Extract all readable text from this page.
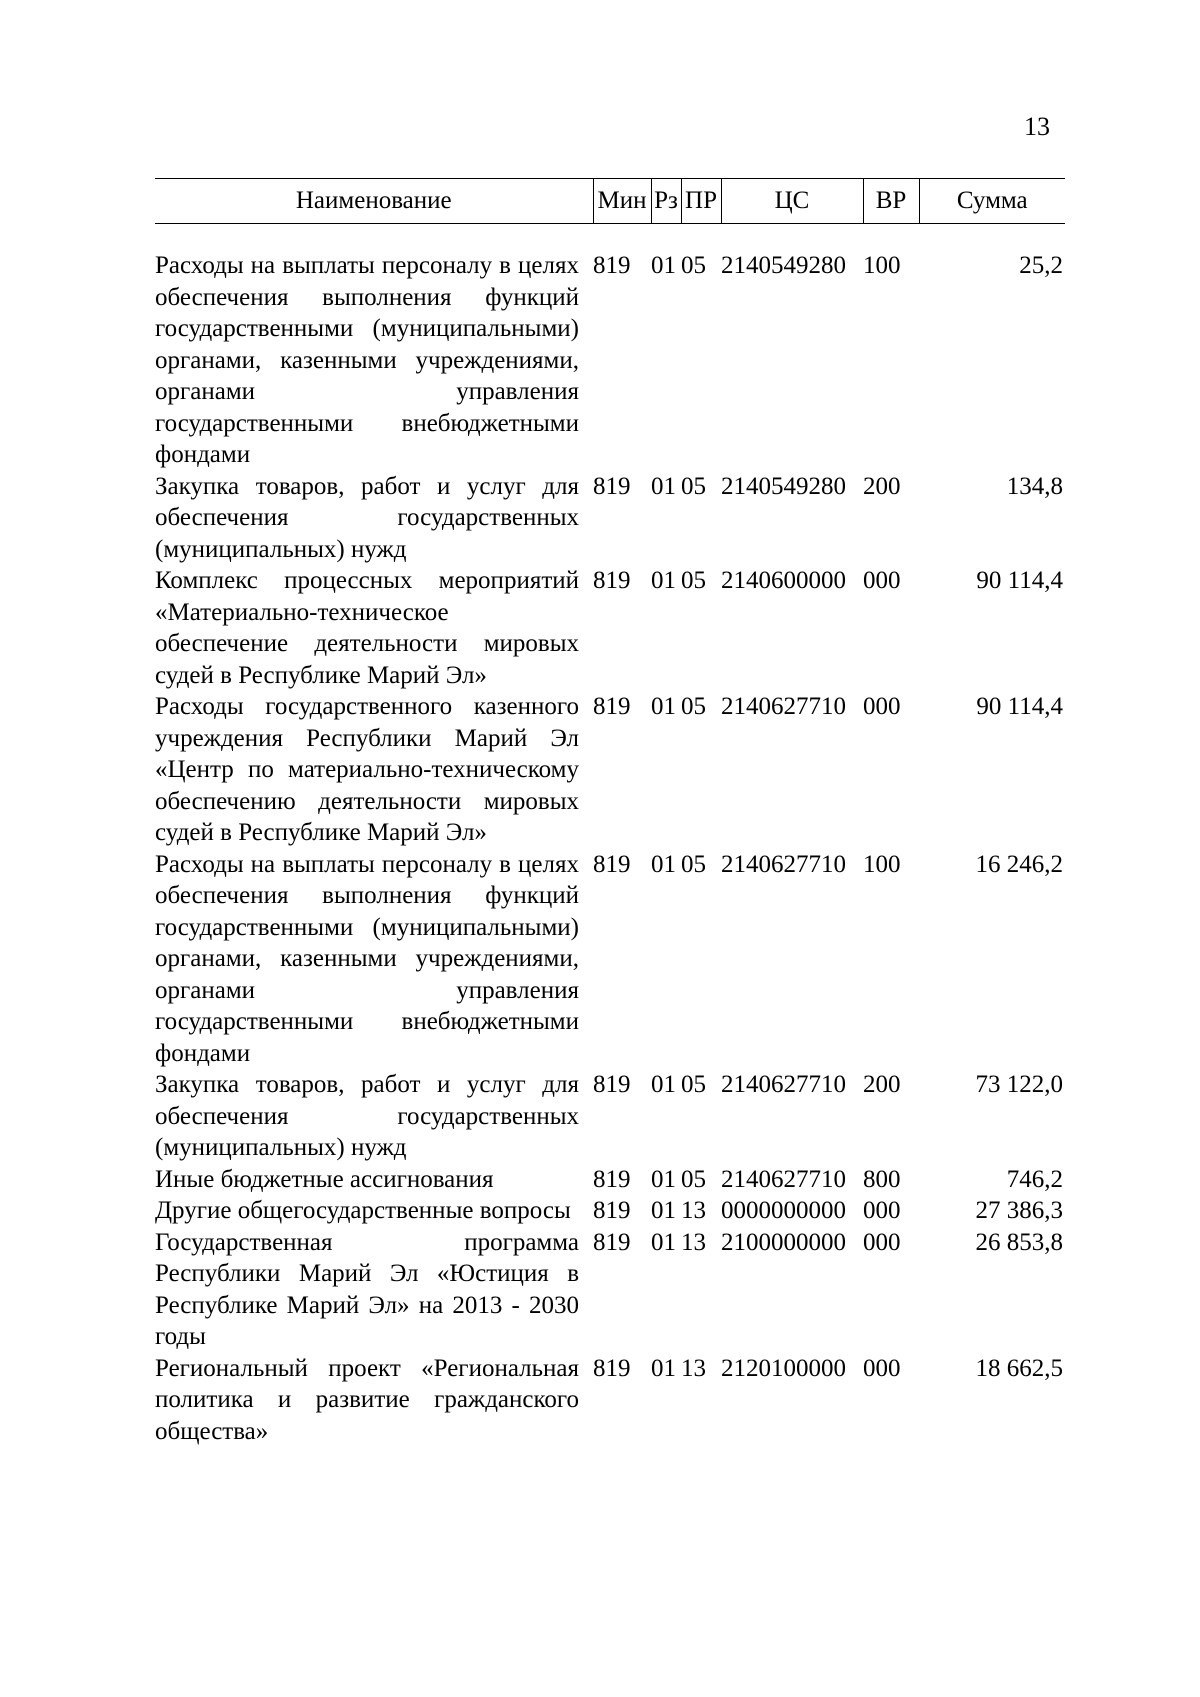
13
Наименование	Мин	Рз	ПР	ЦС	ВР	Сумма

Расходы на выплаты персоналу в целях обеспечения выполнения функций государственными (муниципальными) органами, казенными учреждениями, органами управления государственными внебюджетными фондами	819	01	05	2140549280	100	25,2
Закупка товаров, работ и услуг для обеспечения государственных (муниципальных) нужд	819	01	05	2140549280	200	134,8
Комплекс процессных мероприятий «Материально-техническое обеспечение деятельности мировых судей в Республике Марий Эл»	819	01	05	2140600000	000	90 114,4
Расходы государственного казенного учреждения Республики Марий Эл «Центр по материально-техническому обеспечению деятельности мировых судей в Республике Марий Эл»	819	01	05	2140627710	000	90 114,4
Расходы на выплаты персоналу в целях обеспечения выполнения функций государственными (муниципальными) органами, казенными учреждениями, органами управления государственными внебюджетными фондами	819	01	05	2140627710	100	16 246,2
Закупка товаров, работ и услуг для обеспечения государственных (муниципальных) нужд	819	01	05	2140627710	200	73 122,0
Иные бюджетные ассигнования	819	01	05	2140627710	800	746,2
Другие общегосударственные вопросы	819	01	13	0000000000	000	27 386,3
Государственная программа Республики Марий Эл «Юстиция в Республике Марий Эл» на 2013 - 2030 годы	819	01	13	2100000000	000	26 853,8
Региональный проект «Региональная политика и развитие гражданского общества»	819	01	13	2120100000	000	18 662,5
